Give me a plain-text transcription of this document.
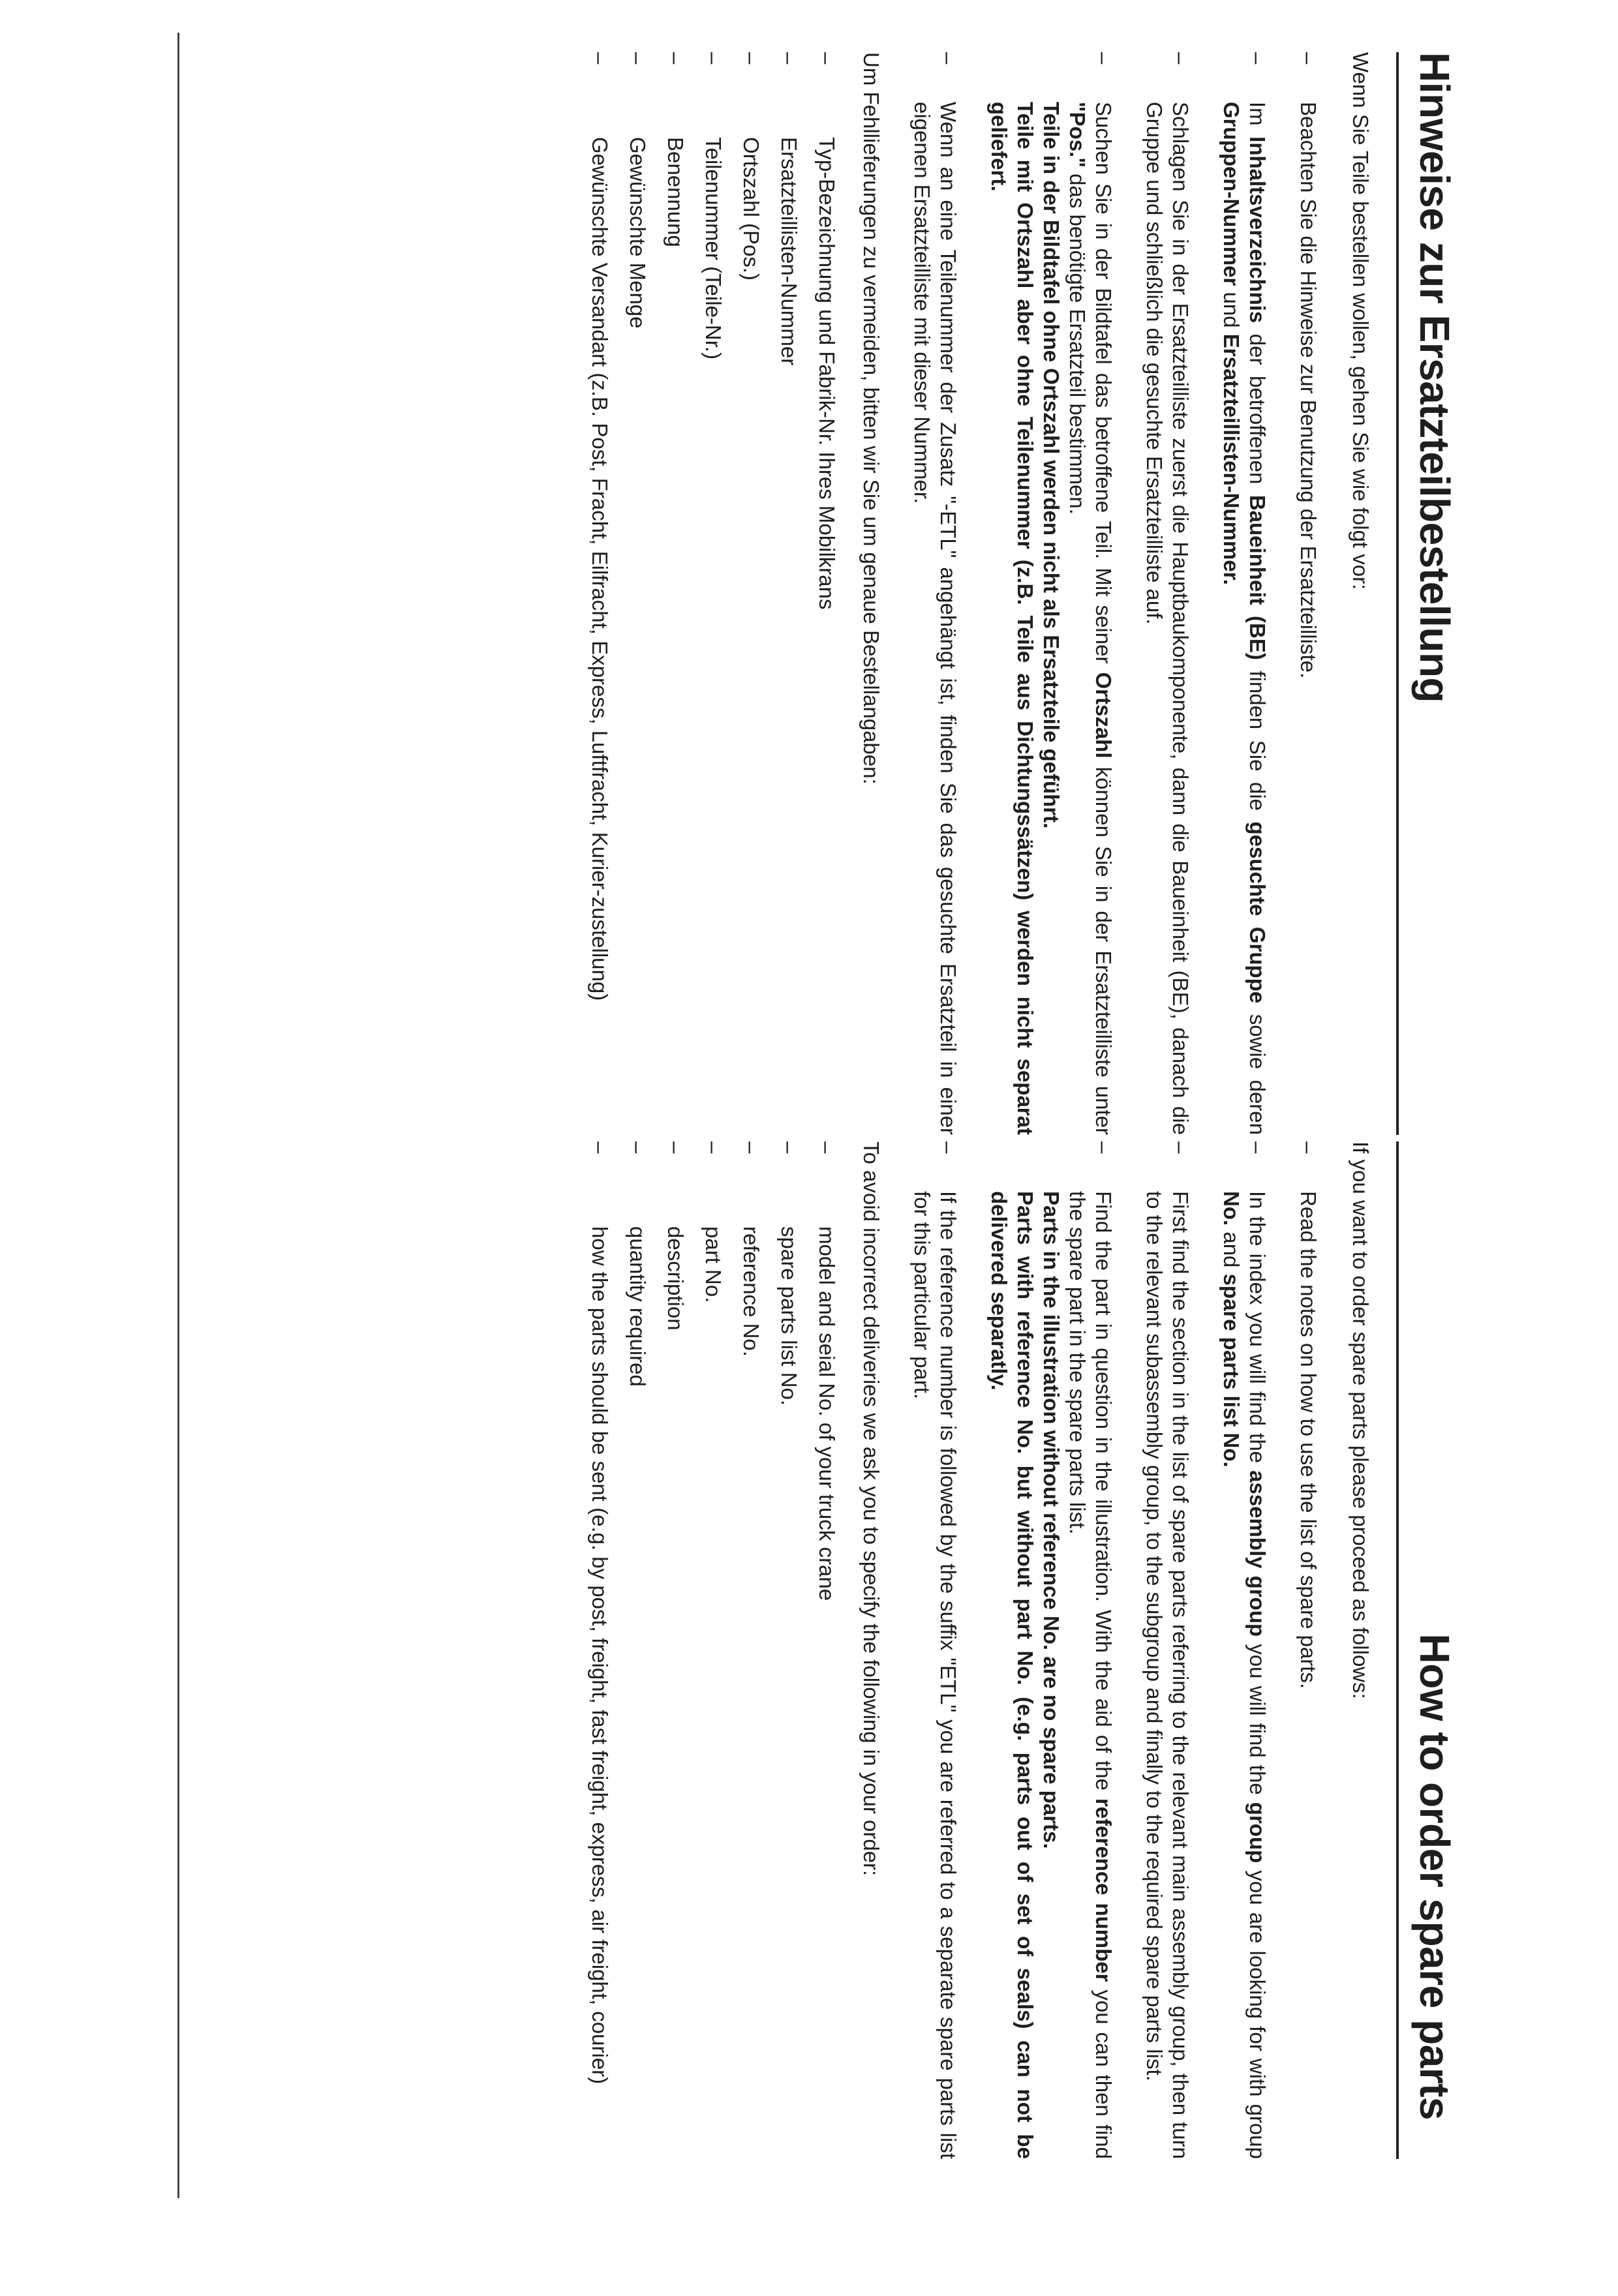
Hinweise zur Ersatzteilbestellung

Wenn Sie Teile bestellen wollen, gehen Sie wie folgt vor:

–

Beachten Sie die Hinweise zur Benutzung der Ersatzteilliste.

–

Im Inhaltsverzeichnis der betroffenen Baueinheit (BE) finden Sie die gesuchte Gruppe sowie deren Gruppen-Nummer und Ersatzteillisten-Nummer.

–

Schlagen Sie in der Ersatzteilliste zuerst die Hauptbaukomponente, dann die Baueinheit (BE), danach die Gruppe und schließlich die gesuchte Ersatzteilliste auf.

–

Suchen Sie in der Bildtafel das betroffene Teil. Mit seiner Ortszahl können Sie in der Ersatzteilliste unter "Pos." das benötigte Ersatzteil bestimmen.

Teile in der Bildtafel ohne Ortszahl werden nicht als Ersatzteile geführt.

Teile mit Ortszahl aber ohne Teilenummer (z.B. Teile aus Dichtungssätzen) werden nicht separat geliefert.

–

Wenn an eine Teilenummer der Zusatz "-ETL" angehängt ist, finden Sie das gesuchte Ersatzteil in einer eigenen Ersatzteilliste mit dieser Nummer.

Um Fehllieferungen zu vermeiden, bitten wir Sie um genaue Bestellangaben:

–
Typ-Bezeichnung und Fabrik-Nr. Ihres Mobilkrans
–
Ersatzteillisten-Nummer
–
Ortszahl (Pos.)
–
Teilenummer (Teile-Nr.)
–
Benennung
–
Gewünschte Menge
–
Gewünschte Versandart (z.B. Post, Fracht, Eilfracht, Express, Luftfracht, Kurier-zustellung)
How to order spare parts

If you want to order spare parts please proceed as follows:

–

Read the notes on how to use the list of spare parts.

–

In the index you will find the assembly group you will find the group you are looking for with group No. and spare parts list No.

–

First find the section in the list of spare parts referring to the relevant main assembly group, then turn to the relevant subassembly group, to the subgroup and finally to the required spare parts list.

–

Find the part in question in the illustration. With the aid of the reference number you can then find the spare part in the spare parts list.

Parts in the illustration without reference No. are no spare parts.

Parts with reference No. but without part No. (e.g. parts out of set of seals) can not be delivered separatly.

–

If the reference number is followed by the suffix "ETL" you are referred to a separate spare parts list for this particular part.

To avoid incorrect deliveries we ask you to specify the following in your order:

–
model and seial No. of your truck crane
–
spare parts list No.
–
reference No.
–
part No.
–
description
–
quantity required
–
how the parts should be sent (e.g. by post, freight, fast freight, express, air freight, courier)
